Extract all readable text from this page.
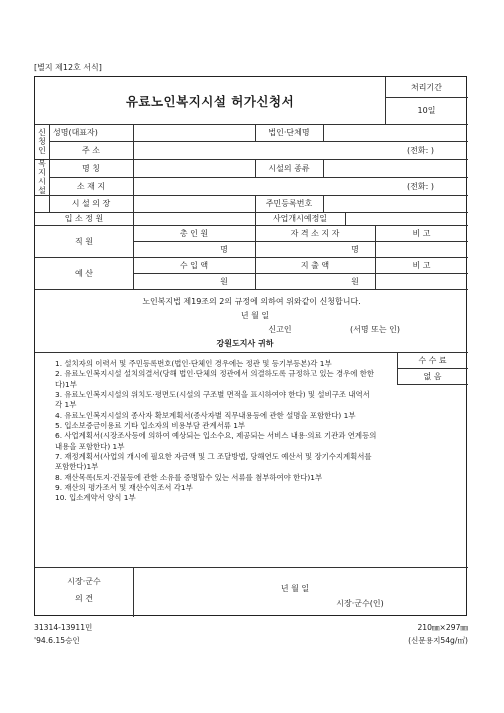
[별지 제12호 서식]
유료노인복지시설 허가신청서
처리기간
10일
신청인 성명(대표자)	법인·단체명
주 소	(전화: )
복지시설	명 칭	시설의 종류
소 재 지	(전화: )
시 설 의 장	주민등록번호
입 소 정 원	사업개시예정일
직 원
총 인 원	자 격 소 지 자	비 고
명	명
예 산
수 입 액	지 출 액	비 고
원	원
노인복지법 제19조의 2의 규정에 의하여 위와같이 신청합니다.
년 월 일
신고인	(서명 또는 인)
강원도지사 귀하
수 수 료
없 음
1. 설치자의 이력서 및 주민등록번호(법인·단체인 경우에는 정관 및 등기부등본)각 1부
2. 유료노인복지시설 설치의결서(당해 법인·단체의 정관에서 의결하도록 규정하고 있는 경우에 한한다)1부
3. 유료노인복지시설의 위치도·평면도(시설의 구조별 면적을 표시하여야 한다) 및 설비구조 내역서 각 1부
4. 유료노인복지시설의 종사자 확보계획서(종사자별 직무내용등에 관한 설명을 포함한다) 1부
5. 입소보증금이용료 기타 입소자의 비용부담 관계서류 1부
6. 사업계획서(시장조사등에 의하여 예상되는 입소수요, 제공되는 서비스 내용·의료 기관과 연계등의 내용을 포함한다) 1부
7. 재정계획서(사업의 개시에 필요한 자금액 및 그 조달방법, 당해연도 예산서 및 장기수지계획서를 포함한다)1부
8. 재산목록(토지·건물등에 관한 소유를 증명할수 있는 서류를 첨부하여야 한다)1부
9. 재산의 평가조서 및 재산수익조서 각1부
10. 입소계약서 양식 1부
시장·군수
의 견
년 월 일
시장·군수(인)
31314-13911민
'94.6.15승인
210㎜×297㎜
(신문용지54g/㎡)
